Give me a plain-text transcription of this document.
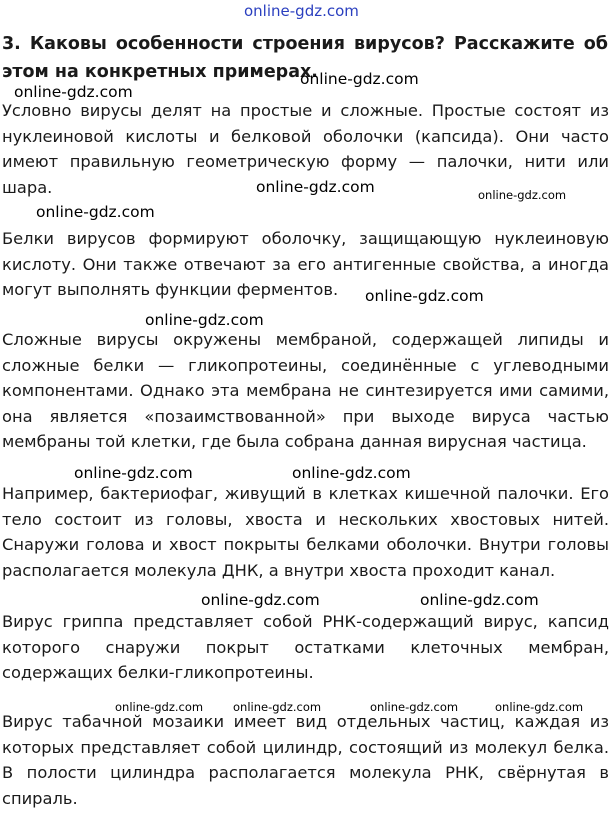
online-gdz.com
3. Каковы особенности строения вирусов? Расскажите об этом на конкретных примерах.
Условно вирусы делят на простые и сложные. Простые состоят из нуклеиновой кислоты и белковой оболочки (капсида). Они часто имеют правильную геометрическую форму — палочки, нити или шара.
Белки вирусов формируют оболочку, защищающую нуклеиновую кислоту. Они также отвечают за его антигенные свойства, а иногда могут выполнять функции ферментов.
Сложные вирусы окружены мембраной, содержащей липиды и сложные белки — гликопротеины, соединённые с углеводными компонентами. Однако эта мембрана не синтезируется ими самими, она является «позаимствованной» при выходе вируса частью мембраны той клетки, где была собрана данная вирусная частица.
Например, бактериофаг, живущий в клетках кишечной палочки. Его тело состоит из головы, хвоста и нескольких хвостовых нитей. Снаружи голова и хвост покрыты белками оболочки. Внутри головы располагается молекула ДНК, а внутри хвоста проходит канал.
Вирус гриппа представляет собой РНК-содержащий вирус, капсид которого снаружи покрыт остатками клеточных мембран, содержащих белки-гликопротеины.
Вирус табачной мозаики имеет вид отдельных частиц, каждая из которых представляет собой цилиндр, состоящий из молекул белка. В полости цилиндра располагается молекула РНК, свёрнутая в спираль.
online-gdz.com
online-gdz.com
online-gdz.com	online-gdz.com
online-gdz.com
online-gdz.com
online-gdz.com
online-gdz.com	online-gdz.com
online-gdz.com	online-gdz.com
online-gdz.com	online-gdz.com	online-gdz.com	online-gdz.com
